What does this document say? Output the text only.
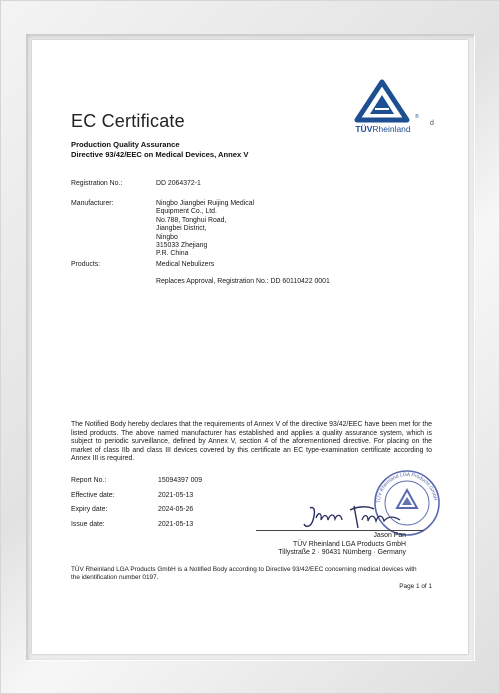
d
EC Certificate
Production Quality Assurance
Directive 93/42/EEC on Medical Devices, Annex V
TÜVRheinland
®
Registration No.:	DD 2064372-1
Manufacturer:	Ningbo Jiangbei Ruijing Medical
Equipment Co., Ltd.
No.788, Tonghui Road,
Jiangbei District,
Ningbo
315033 Zhejiang
P.R. China
Products:	Medical Nebulizers
Replaces Approval, Registration No.: DD 60110422 0001
The Notified Body hereby declares that the requirements of Annex V of the directive 93/42/EEC have been met for the listed products. The above named manufacturer has established and applies a quality assurance system, which is subject to periodic surveillance, defined by Annex V, section 4 of the aforementioned directive. For placing on the market of class IIb and class III devices covered by this certificate an EC type-examination certificate according to Annex III is required.
Report No.:	15094397 009
Effective date:	2021-05-13
Expiry date:	2024-05-26
Issue date:	2021-05-13
TÜV Rheinland LGA Products GmbH
Jason Pan
TÜV Rheinland LGA Products GmbH
Tillystraße 2 · 90431 Nürnberg · Germany
TÜV Rheinland LGA Products GmbH is a Notified Body according to Directive 93/42/EEC concerning medical devices with the identification number 0197.
Page 1 of 1
